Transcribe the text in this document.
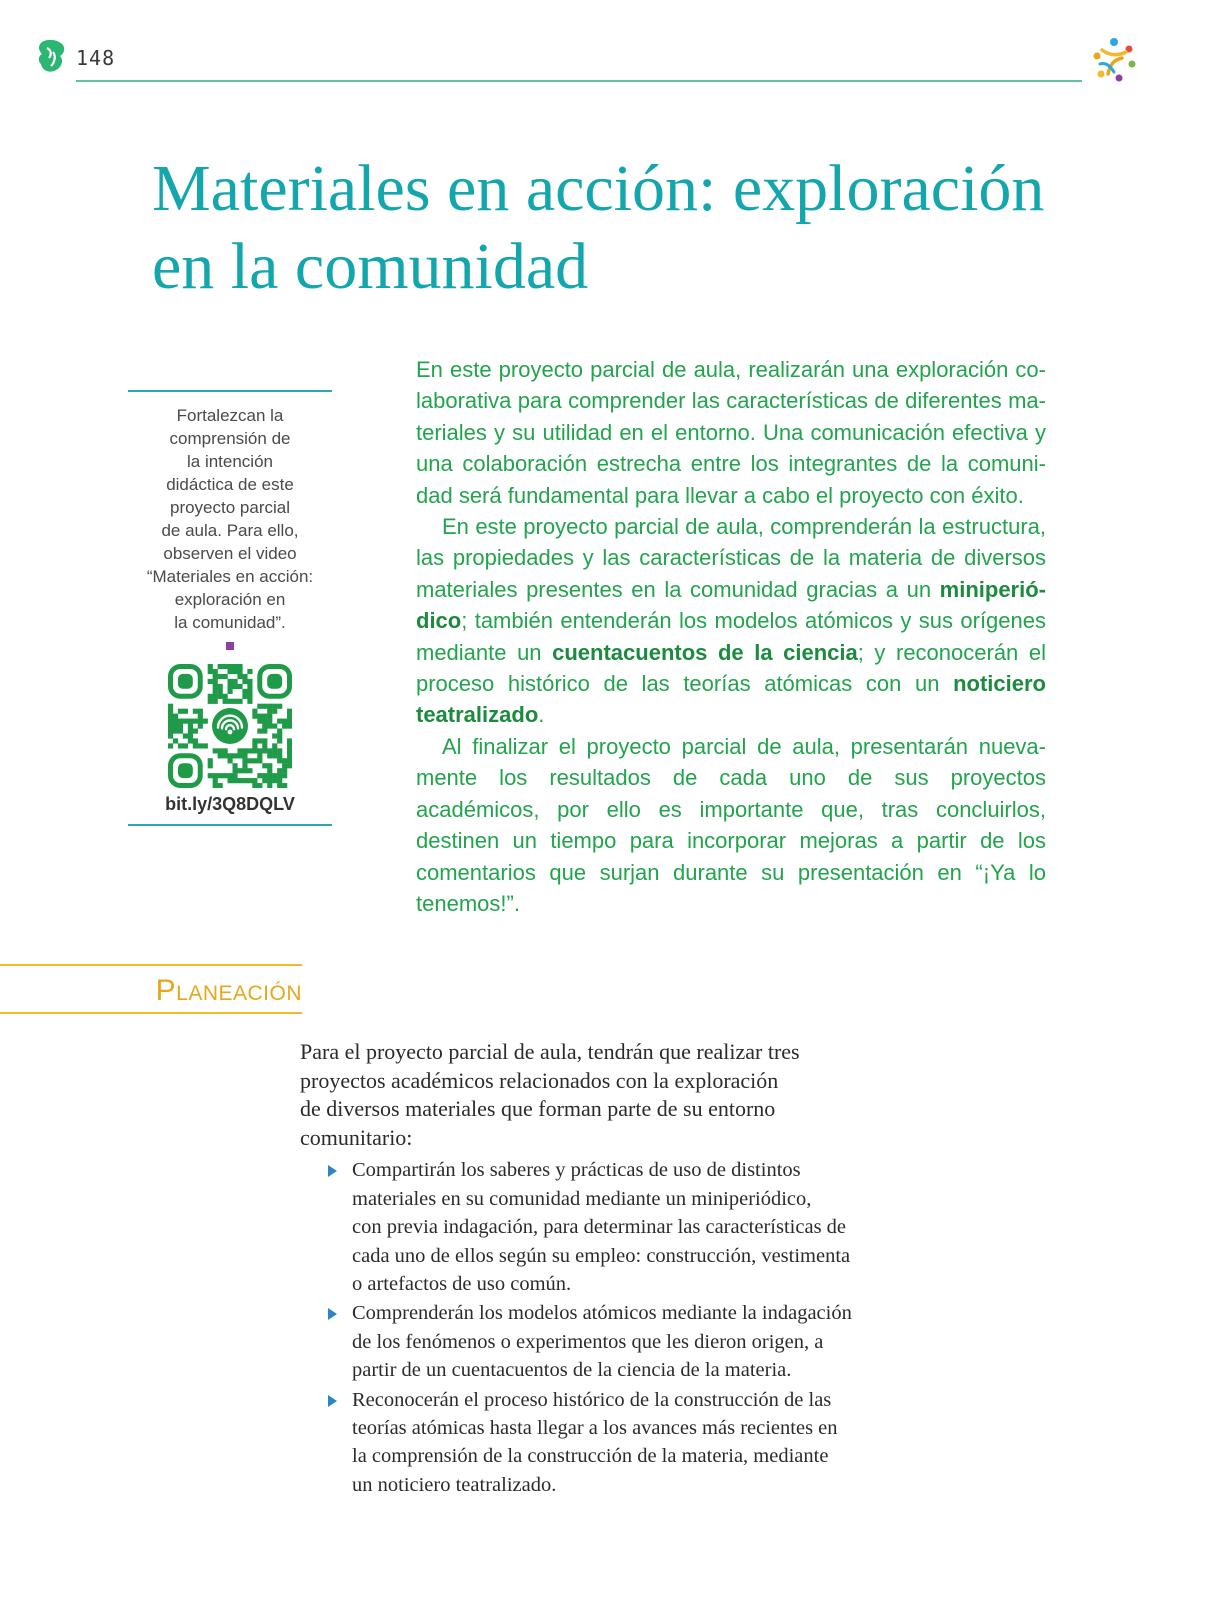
148
Materiales en acción: exploración
en la comunidad
Fortalezcan la
comprensión de
la intención
didáctica de este
proyecto parcial
de aula. Para ello,
observen el video
“Materiales en acción:
exploración en
la comunidad”.
bit.ly/3Q8DQLV

En este proyecto parcial de aula, realizarán una exploración colaborativa para comprender las características de diferentes materiales y su utilidad en el entorno. Una comunicación efectiva y una colaboración estrecha entre los integrantes de la comunidad será fundamental para llevar a cabo el proyecto con éxito.

En este proyecto parcial de aula, comprenderán la estructura, las propiedades y las características de la materia de diversos materiales presentes en la comunidad gracias a un miniperiódico; también entenderán los modelos atómicos y sus orígenes mediante un cuentacuentos de la ciencia; y reconocerán el proceso histórico de las teorías atómicas con un noticiero teatralizado.

Al finalizar el proyecto parcial de aula, presentarán nuevamente los resultados de cada uno de sus proyectos académicos, por ello es importante que, tras concluirlos, destinen un tiempo para incorporar mejoras a partir de los comentarios que surjan durante su presentación en “¡Ya lo tenemos!”.

Planeación

Para el proyecto parcial de aula, tendrán que realizar tres
proyectos académicos relacionados con la exploración
de diversos materiales que forman parte de su entorno
comunitario:

Compartirán los saberes y prácticas de uso de distintos
materiales en su comunidad mediante un miniperiódico,
con previa indagación, para determinar las características de
cada uno de ellos según su empleo: construcción, vestimenta
o artefactos de uso común.
Comprenderán los modelos atómicos mediante la indagación
de los fenómenos o experimentos que les dieron origen, a
partir de un cuentacuentos de la ciencia de la materia.
Reconocerán el proceso histórico de la construcción de las
teorías atómicas hasta llegar a los avances más recientes en
la comprensión de la construcción de la materia, mediante
un noticiero teatralizado.
